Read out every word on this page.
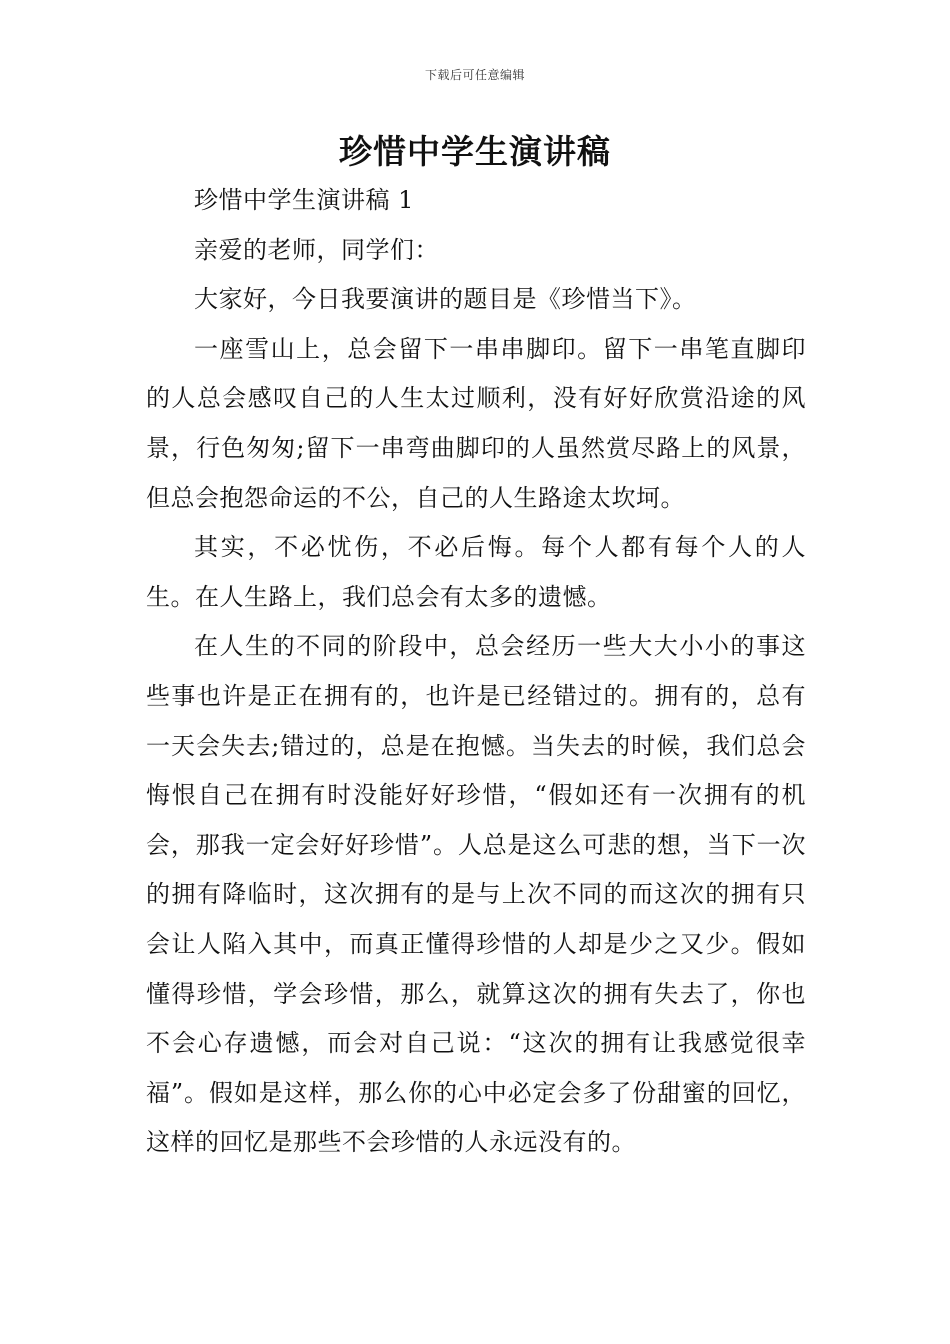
下载后可任意编辑
珍惜中学生演讲稿

珍惜中学生演讲稿 1

亲爱的老师，同学们：

大家好，今日我要演讲的题目是《珍惜当下》。

一座雪山上，总会留下一串串脚印。留下一串笔直脚印的人总会感叹自己的人生太过顺利，没有好好欣赏沿途的风景，行色匆匆;留下一串弯曲脚印的人虽然赏尽路上的风景，但总会抱怨命运的不公，自己的人生路途太坎坷。

其实，不必忧伤，不必后悔。每个人都有每个人的人生。在人生路上，我们总会有太多的遗憾。

在人生的不同的阶段中，总会经历一些大大小小的事这些事也许是正在拥有的，也许是已经错过的。拥有的，总有一天会失去;错过的，总是在抱憾。当失去的时候，我们总会悔恨自己在拥有时没能好好珍惜，“假如还有一次拥有的机会，那我一定会好好珍惜”。人总是这么可悲的想，当下一次的拥有降临时，这次拥有的是与上次不同的而这次的拥有只会让人陷入其中，而真正懂得珍惜的人却是少之又少。假如懂得珍惜，学会珍惜，那么，就算这次的拥有失去了，你也不会心存遗憾，而会对自己说：“这次的拥有让我感觉很幸福”。假如是这样，那么你的心中必定会多了份甜蜜的回忆，这样的回忆是那些不会珍惜的人永远没有的。
